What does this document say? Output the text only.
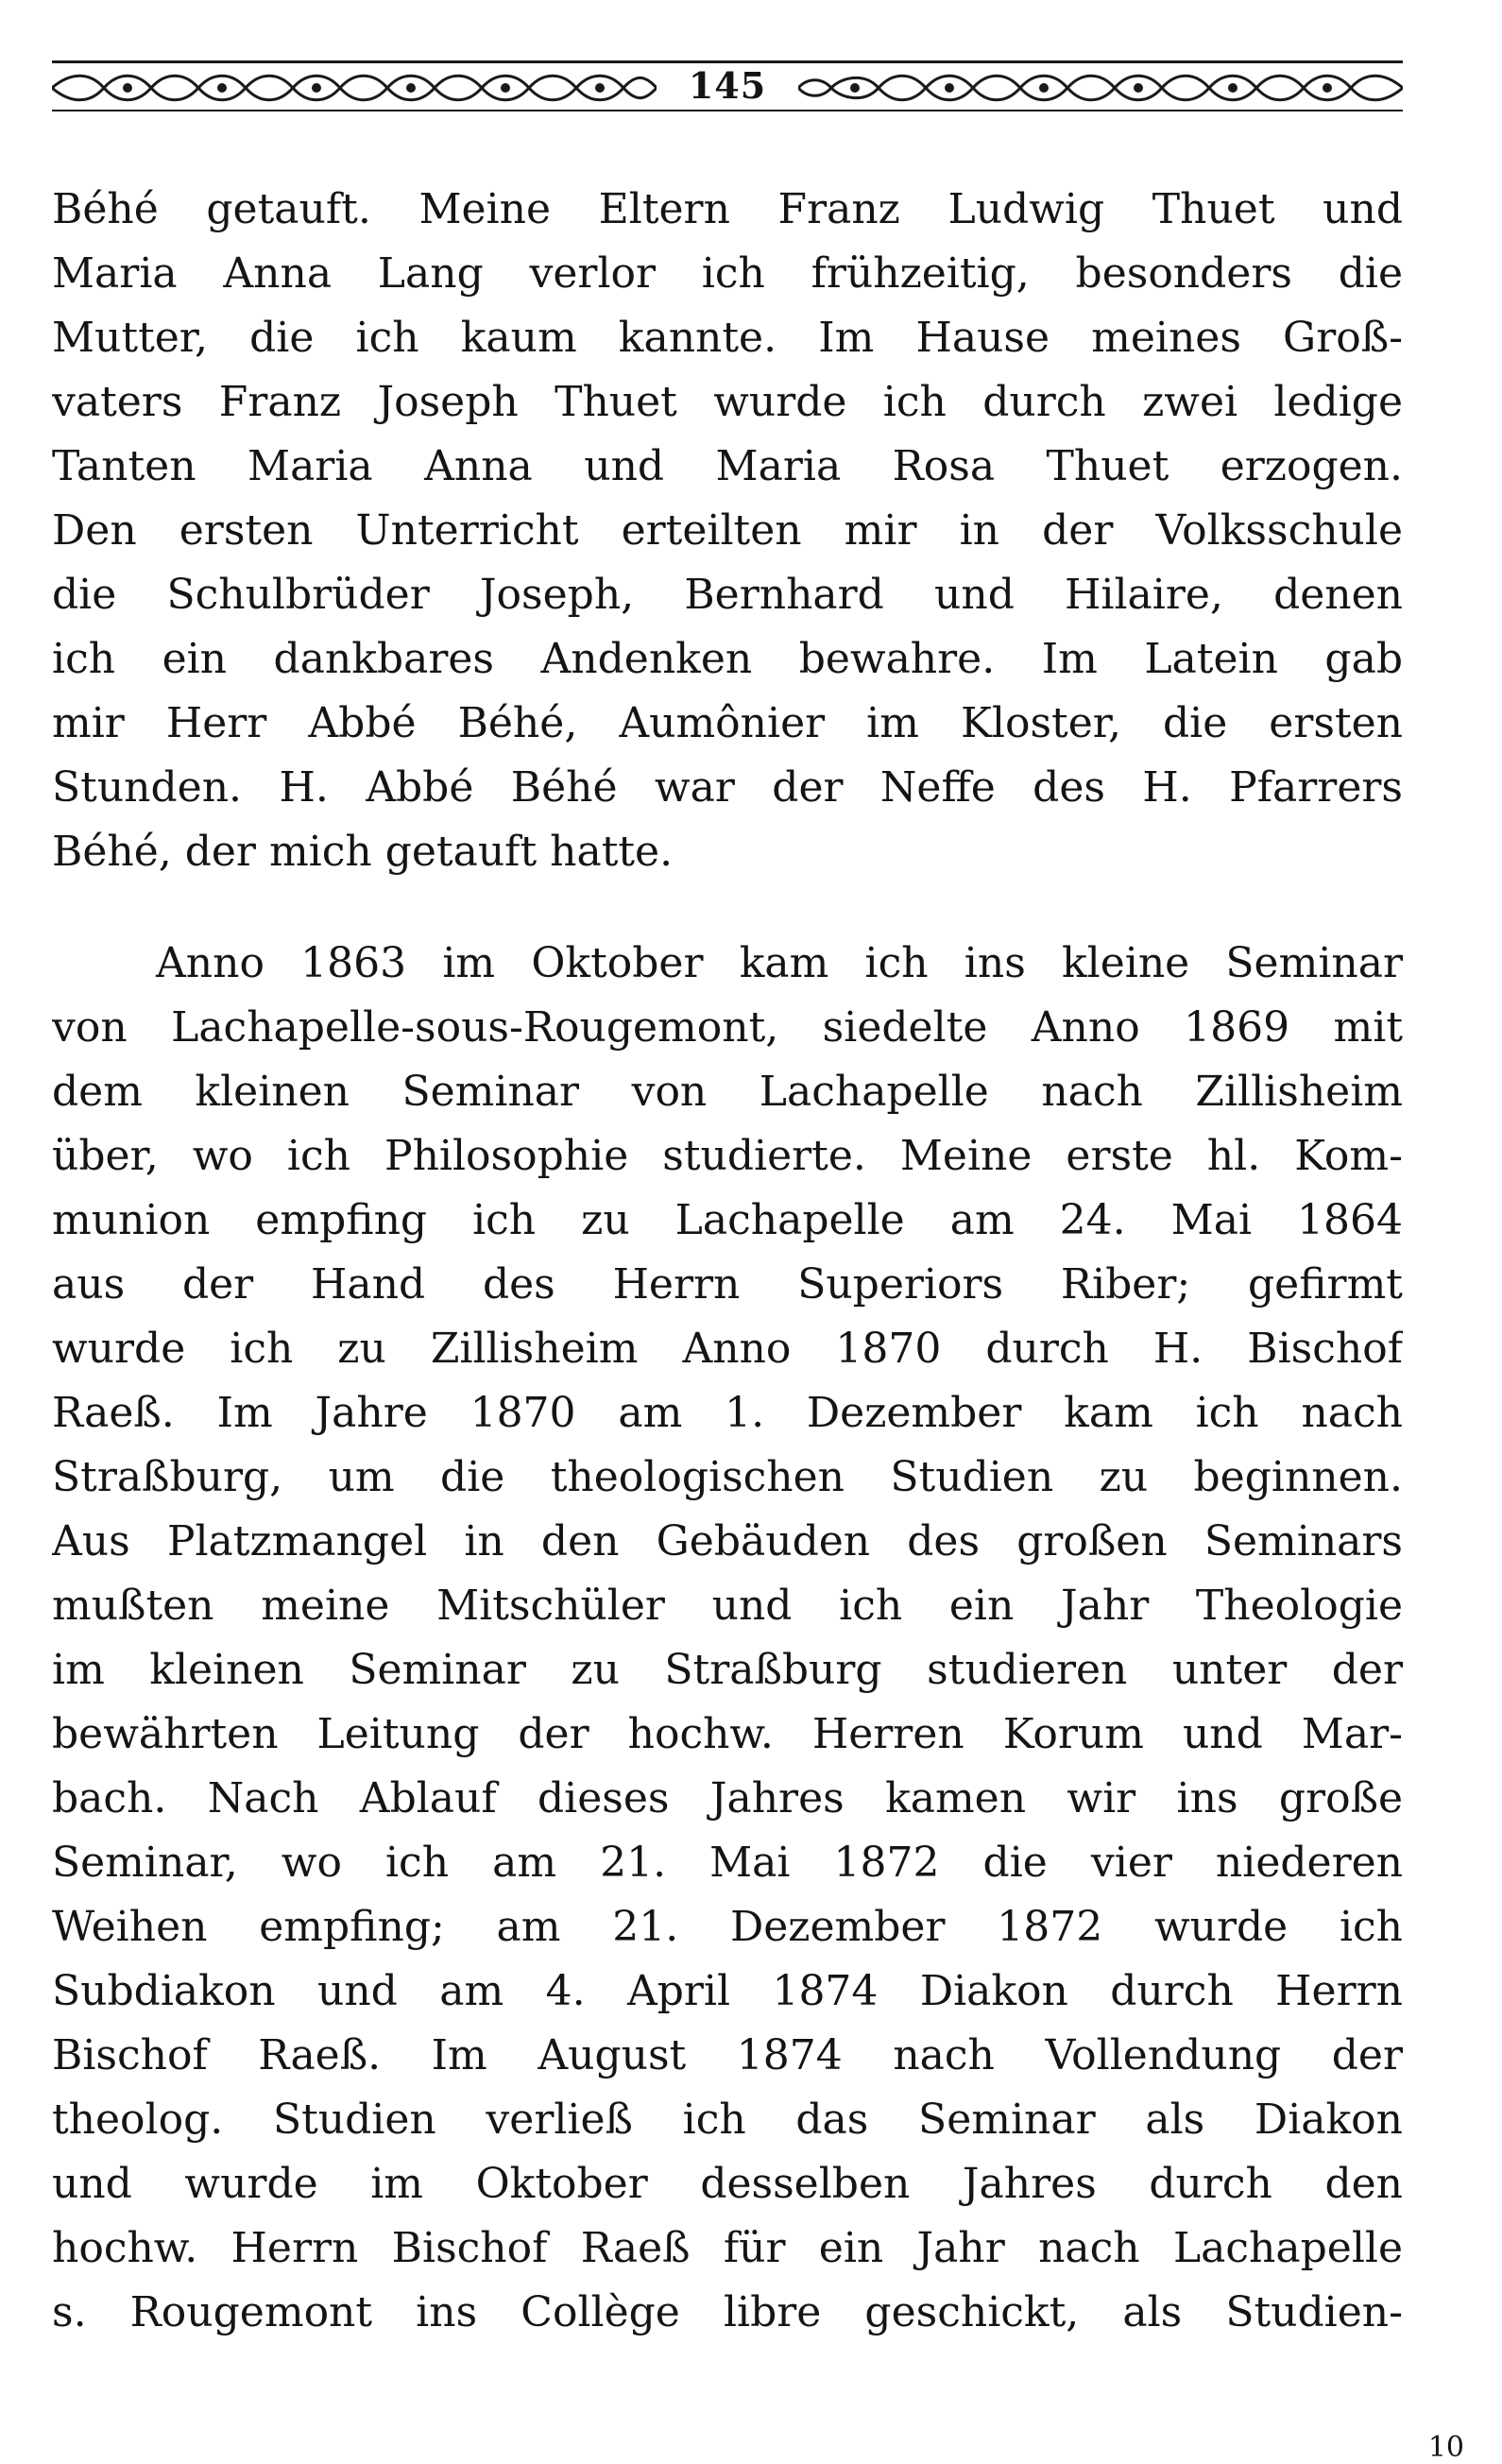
145
Béhé getauft. Meine Eltern Franz Ludwig Thuet und
Maria Anna Lang verlor ich frühzeitig, besonders die
Mutter, die ich kaum kannte. Im Hause meines Groß-
vaters Franz Joseph Thuet wurde ich durch zwei ledige
Tanten Maria Anna und Maria Rosa Thuet erzogen.
Den ersten Unterricht erteilten mir in der Volksschule
die Schulbrüder Joseph, Bernhard und Hilaire, denen
ich ein dankbares Andenken bewahre. Im Latein gab
mir Herr Abbé Béhé, Aumônier im Kloster, die ersten
Stunden. H. Abbé Béhé war der Neffe des H. Pfarrers
Béhé, der mich getauft hatte.
Anno 1863 im Oktober kam ich ins kleine Seminar
von Lachapelle-sous-Rougemont, siedelte Anno 1869 mit
dem kleinen Seminar von Lachapelle nach Zillisheim
über, wo ich Philosophie studierte. Meine erste hl. Kom-
munion empfing ich zu Lachapelle am 24. Mai 1864
aus der Hand des Herrn Superiors Riber; gefirmt
wurde ich zu Zillisheim Anno 1870 durch H. Bischof
Raeß. Im Jahre 1870 am 1. Dezember kam ich nach
Straßburg, um die theologischen Studien zu beginnen.
Aus Platzmangel in den Gebäuden des großen Seminars
mußten meine Mitschüler und ich ein Jahr Theologie
im kleinen Seminar zu Straßburg studieren unter der
bewährten Leitung der hochw. Herren Korum und Mar-
bach. Nach Ablauf dieses Jahres kamen wir ins große
Seminar, wo ich am 21. Mai 1872 die vier niederen
Weihen empfing; am 21. Dezember 1872 wurde ich
Subdiakon und am 4. April 1874 Diakon durch Herrn
Bischof Raeß. Im August 1874 nach Vollendung der
theolog. Studien verließ ich das Seminar als Diakon
und wurde im Oktober desselben Jahres durch den
hochw. Herrn Bischof Raeß für ein Jahr nach Lachapelle
s. Rougemont ins Collège libre geschickt, als Studien-
10
